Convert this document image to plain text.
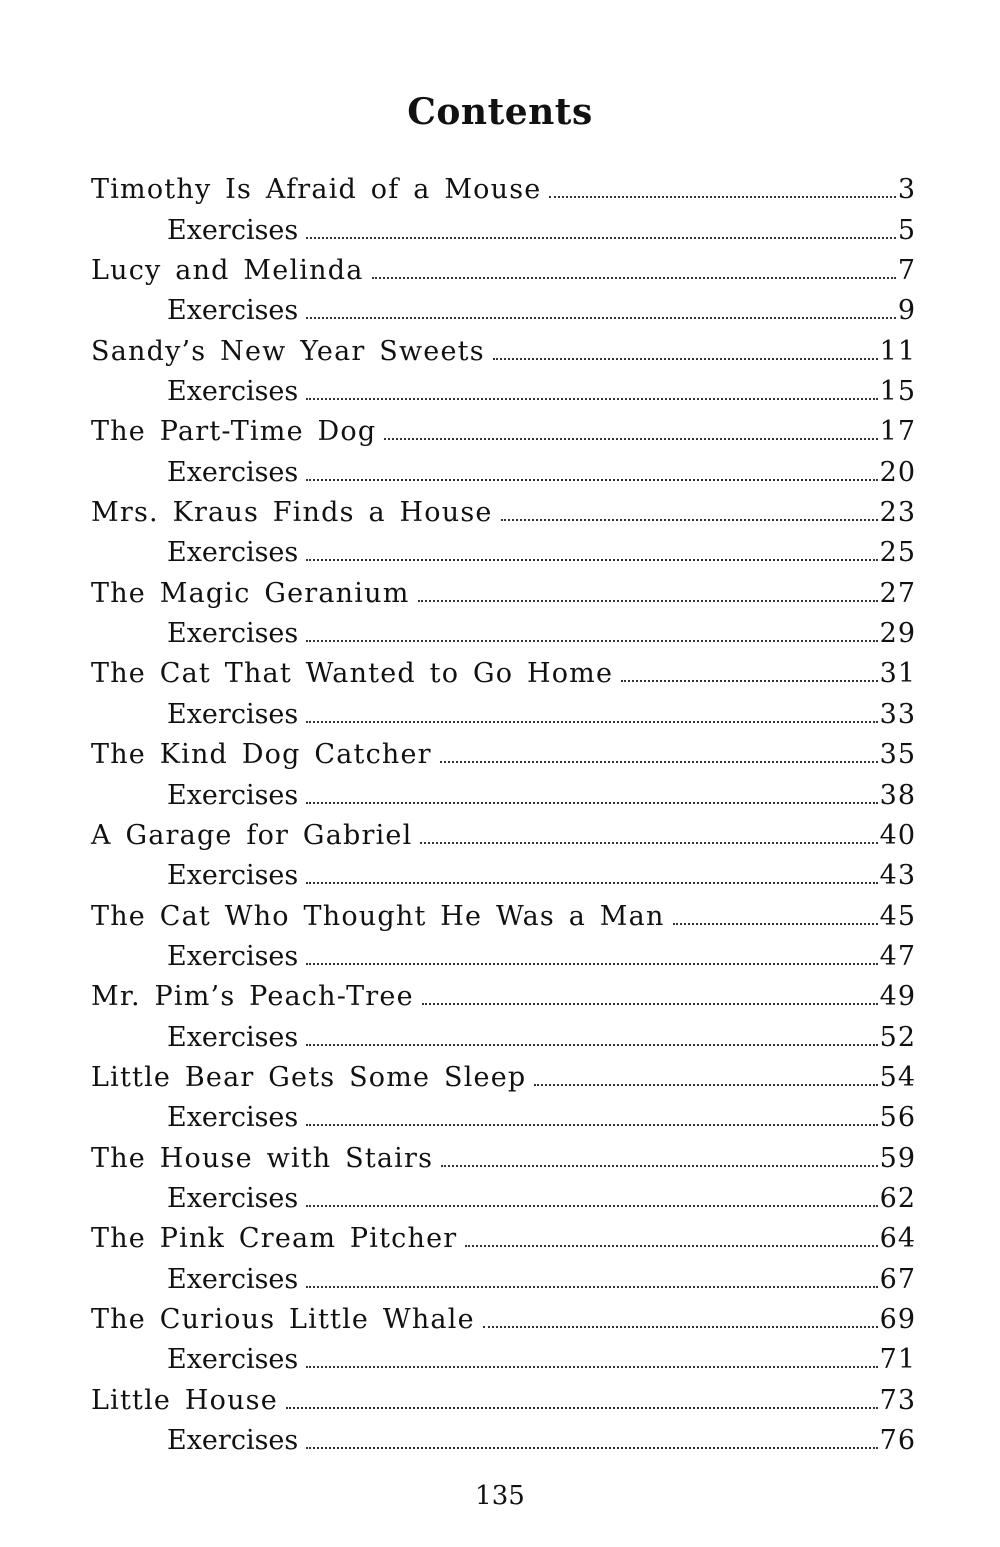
Contents
Timothy Is Afraid of a Mouse	3
Exercises	5
Lucy and Melinda	7
Exercises	9
Sandy’s New Year Sweets	11
Exercises	15
The Part-Time Dog	17
Exercises	20
Mrs. Kraus Finds a House	23
Exercises	25
The Magic Geranium	27
Exercises	29
The Cat That Wanted to Go Home	31
Exercises	33
The Kind Dog Catcher	35
Exercises	38
A Garage for Gabriel	40
Exercises	43
The Cat Who Thought He Was a Man	45
Exercises	47
Mr. Pim’s Peach-Tree	49
Exercises	52
Little Bear Gets Some Sleep	54
Exercises	56
The House with Stairs	59
Exercises	62
The Pink Cream Pitcher	64
Exercises	67
The Curious Little Whale	69
Exercises	71
Little House	73
Exercises	76
135
